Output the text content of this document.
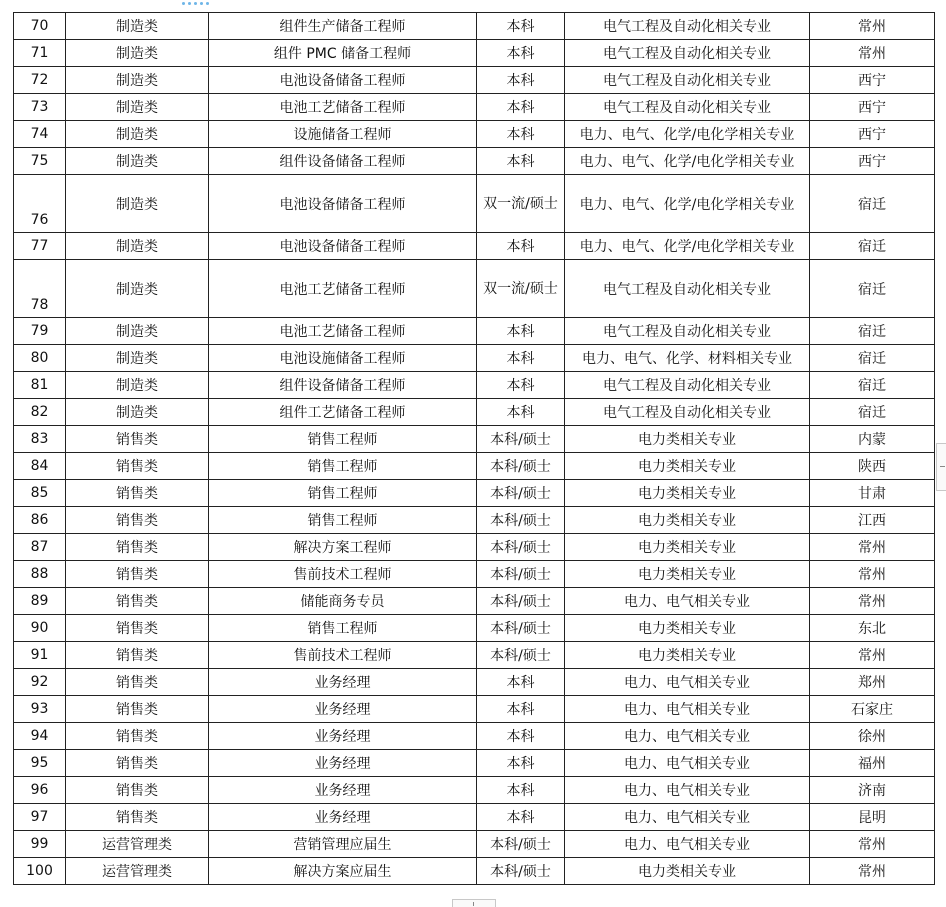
70	制造类	组件生产储备工程师	本科	电气工程及自动化相关专业	常州
71	制造类	组件 PMC 储备工程师	本科	电气工程及自动化相关专业	常州
72	制造类	电池设备储备工程师	本科	电气工程及自动化相关专业	西宁
73	制造类	电池工艺储备工程师	本科	电气工程及自动化相关专业	西宁
74	制造类	设施储备工程师	本科	电力、电气、化学/电化学相关专业	西宁
75	制造类	组件设备储备工程师	本科	电力、电气、化学/电化学相关专业	西宁
76	制造类	电池设备储备工程师	双一流/硕士	电力、电气、化学/电化学相关专业	宿迁
77	制造类	电池设备储备工程师	本科	电力、电气、化学/电化学相关专业	宿迁
78	制造类	电池工艺储备工程师	双一流/硕士	电气工程及自动化相关专业	宿迁
79	制造类	电池工艺储备工程师	本科	电气工程及自动化相关专业	宿迁
80	制造类	电池设施储备工程师	本科	电力、电气、化学、材料相关专业	宿迁
81	制造类	组件设备储备工程师	本科	电气工程及自动化相关专业	宿迁
82	制造类	组件工艺储备工程师	本科	电气工程及自动化相关专业	宿迁
83	销售类	销售工程师	本科/硕士	电力类相关专业	内蒙
84	销售类	销售工程师	本科/硕士	电力类相关专业	陕西
85	销售类	销售工程师	本科/硕士	电力类相关专业	甘肃
86	销售类	销售工程师	本科/硕士	电力类相关专业	江西
87	销售类	解决方案工程师	本科/硕士	电力类相关专业	常州
88	销售类	售前技术工程师	本科/硕士	电力类相关专业	常州
89	销售类	储能商务专员	本科/硕士	电力、电气相关专业	常州
90	销售类	销售工程师	本科/硕士	电力类相关专业	东北
91	销售类	售前技术工程师	本科/硕士	电力类相关专业	常州
92	销售类	业务经理	本科	电力、电气相关专业	郑州
93	销售类	业务经理	本科	电力、电气相关专业	石家庄
94	销售类	业务经理	本科	电力、电气相关专业	徐州
95	销售类	业务经理	本科	电力、电气相关专业	福州
96	销售类	业务经理	本科	电力、电气相关专业	济南
97	销售类	业务经理	本科	电力、电气相关专业	昆明
99	运营管理类	营销管理应届生	本科/硕士	电力、电气相关专业	常州
100	运营管理类	解决方案应届生	本科/硕士	电力类相关专业	常州
